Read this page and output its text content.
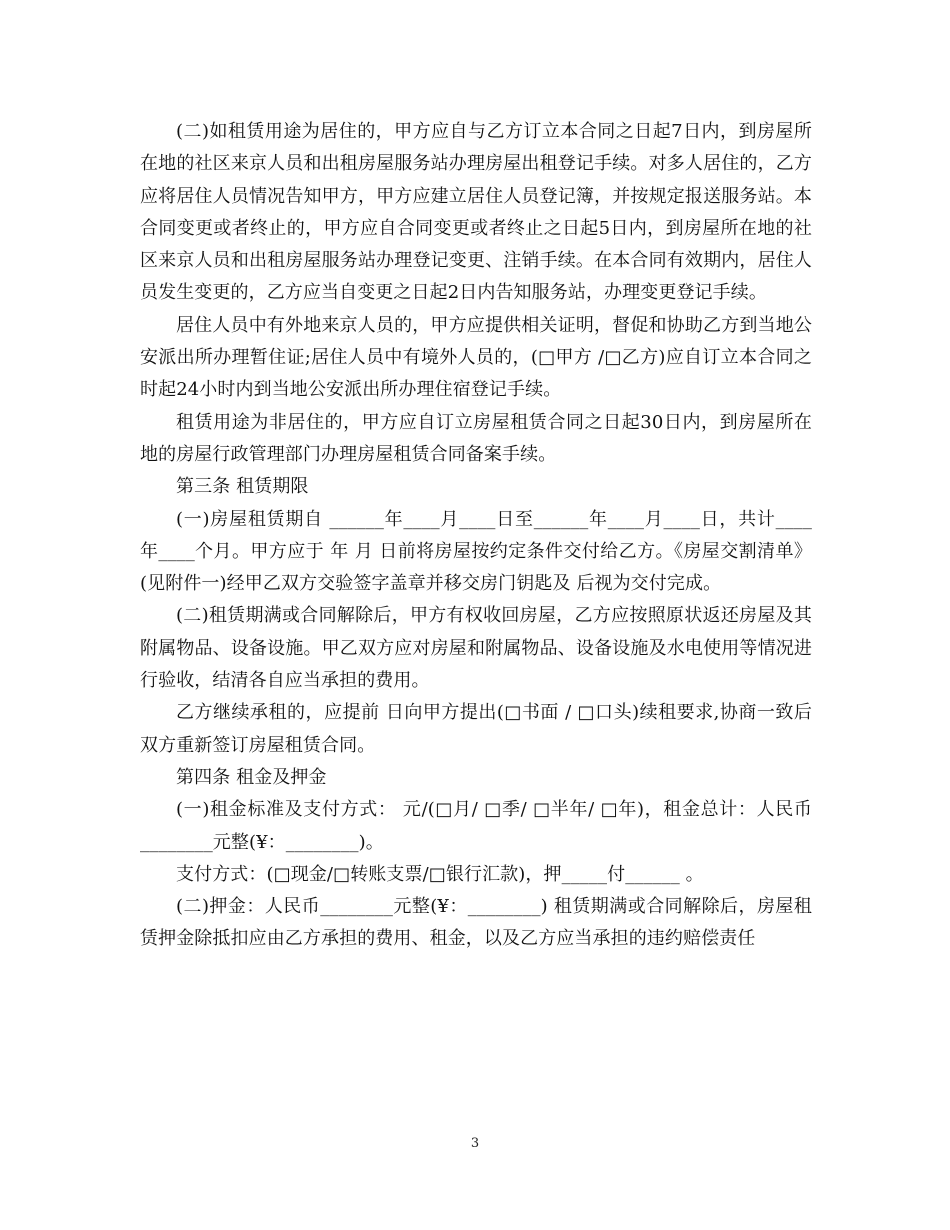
(二)如租赁用途为居住的，甲方应自与乙方订立本合同之日起7日内，到房屋所在地的社区来京人员和出租房屋服务站办理房屋出租登记手续。对多人居住的，乙方应将居住人员情况告知甲方，甲方应建立居住人员登记簿，并按规定报送服务站。本合同变更或者终止的，甲方应自合同变更或者终止之日起5日内，到房屋所在地的社区来京人员和出租房屋服务站办理登记变更、注销手续。在本合同有效期内，居住人员发生变更的，乙方应当自变更之日起2日内告知服务站，办理变更登记手续。

居住人员中有外地来京人员的，甲方应提供相关证明，督促和协助乙方到当地公安派出所办理暂住证;居住人员中有境外人员的，(□甲方 /□乙方)应自订立本合同之时起24小时内到当地公安派出所办理住宿登记手续。

租赁用途为非居住的，甲方应自订立房屋租赁合同之日起30日内，到房屋所在地的房屋行政管理部门办理房屋租赁合同备案手续。

第三条 租赁期限

(一)房屋租赁期自 ______年____月____日至______年____月____日，共计____年____个月。甲方应于 年 月 日前将房屋按约定条件交付给乙方。《房屋交割清单》(见附件一)经甲乙双方交验签字盖章并移交房门钥匙及 后视为交付完成。

(二)租赁期满或合同解除后，甲方有权收回房屋，乙方应按照原状返还房屋及其附属物品、设备设施。甲乙双方应对房屋和附属物品、设备设施及水电使用等情况进行验收，结清各自应当承担的费用。

乙方继续承租的，应提前 日向甲方提出(□书面 / □口头)续租要求,协商一致后双方重新签订房屋租赁合同。

第四条 租金及押金

(一)租金标准及支付方式： 元/(□月/ □季/ □半年/ □年)，租金总计：人民币________元整(¥：________)。

支付方式：(□现金/□转账支票/□银行汇款)，押_____付______ 。

(二)押金：人民币________元整(¥：________) 租赁期满或合同解除后，房屋租赁押金除抵扣应由乙方承担的费用、租金，以及乙方应当承担的违约赔偿责任

3
